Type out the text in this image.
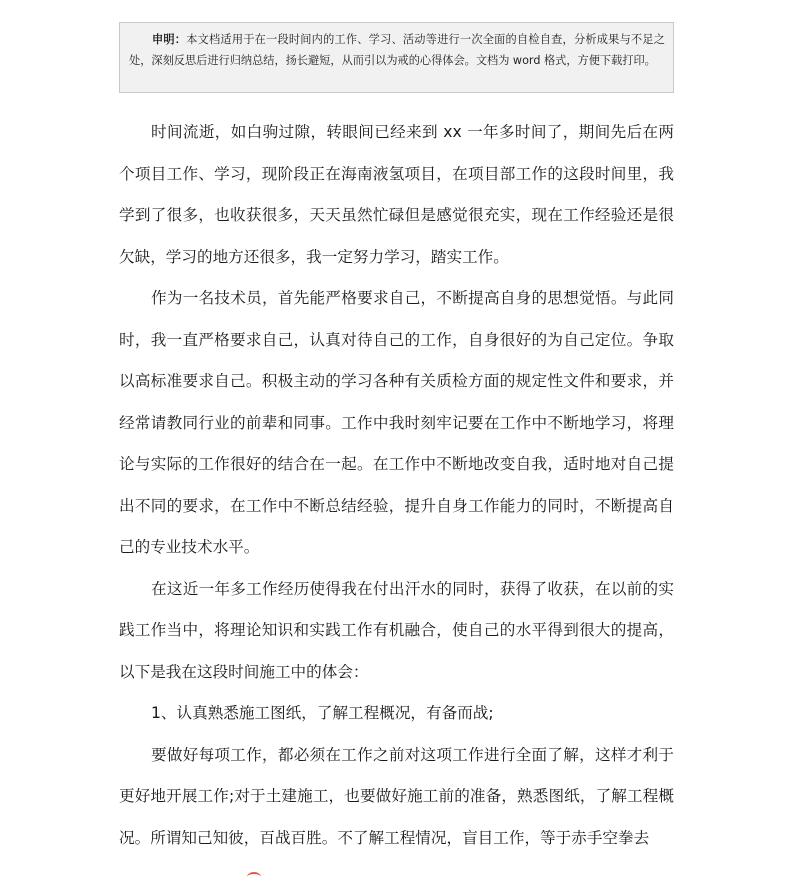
申明：本文档适用于在一段时间内的工作、学习、活动等进行一次全面的自检自查，分析成果与不足之处，深刻反思后进行归纳总结，扬长避短，从而引以为戒的心得体会。文档为 word 格式，方便下载打印。

时间流逝，如白驹过隙，转眼间已经来到 xx 一年多时间了，期间先后在两个项目工作、学习，现阶段正在海南液氢项目，在项目部工作的这段时间里，我学到了很多，也收获很多，天天虽然忙碌但是感觉很充实，现在工作经验还是很欠缺，学习的地方还很多，我一定努力学习，踏实工作。

作为一名技术员，首先能严格要求自己，不断提高自身的思想觉悟。与此同时，我一直严格要求自己，认真对待自己的工作，自身很好的为自己定位。争取以高标准要求自己。积极主动的学习各种有关质检方面的规定性文件和要求，并经常请教同行业的前辈和同事。工作中我时刻牢记要在工作中不断地学习，将理论与实际的工作很好的结合在一起。在工作中不断地改变自我，适时地对自己提出不同的要求，在工作中不断总结经验，提升自身工作能力的同时，不断提高自己的专业技术水平。

在这近一年多工作经历使得我在付出汗水的同时，获得了收获，在以前的实践工作当中，将理论知识和实践工作有机融合，使自己的水平得到很大的提高，以下是我在这段时间施工中的体会：

1、认真熟悉施工图纸，了解工程概况，有备而战;

要做好每项工作，都必须在工作之前对这项工作进行全面了解，这样才利于更好地开展工作;对于土建施工，也要做好施工前的准备，熟悉图纸，了解工程概况。所谓知己知彼，百战百胜。不了解工程情况，盲目工作，等于赤手空拳去
